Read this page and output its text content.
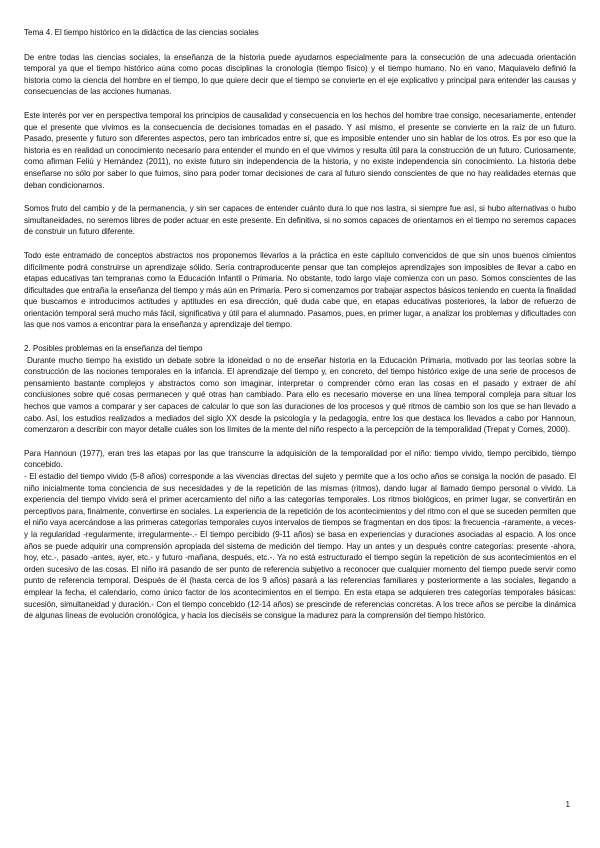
Tema 4. El tiempo histórico en la didáctica de las ciencias sociales

De entre todas las ciencias sociales, la enseñanza de la historia puede ayudarnos especialmente para la consecución de una adecuada orientación temporal ya que el tiempo histórico aúna como pocas disciplinas la cronología (tiempo físico) y el tiempo humano. No en vano, Maquiavelo definió la historia como la ciencia del hombre en el tiempo, lo que quiere decir que el tiempo se convierte en el eje explicativo y principal para entender las causas y consecuencias de las acciones humanas.

Este interés por ver en perspectiva temporal los principios de causalidad y consecuencia en los hechos del hombre trae consigo, necesariamente, entender que el presente que vivimos es la consecuencia de decisiones tomadas en el pasado. Y así mismo, el presente se convierte en la raíz de un futuro. Pasado, presente y futuro son diferentes aspectos, pero tan imbricados entre sí, que es imposible entender uno sin hablar de los otros. Es por eso que la historia es en realidad un conocimiento necesario para entender el mundo en el que vivimos y resulta útil para la construcción de un futuro. Curiosamente, como afirman Feliú y Hernández (2011), no existe futuro sin independencia de la historia, y no existe independencia sin conocimiento. La historia debe enseñarse no sólo por saber lo que fuimos, sino para poder tomar decisiones de cara al futuro siendo conscientes de que no hay realidades eternas que deban condicionarnos.

Somos fruto del cambio y de la permanencia, y sin ser capaces de entender cuánto dura lo que nos lastra, si siempre fue así, si hubo alternativas o hubo simultaneidades, no seremos libres de poder actuar en este presente. En definitiva, si no somos capaces de orientarnos en el tiempo no seremos capaces de construir un futuro diferente.

Todo este entramado de conceptos abstractos nos proponemos llevarlos a la práctica en este capítulo convencidos de que sin unos buenos cimientos difícilmente podrá construirse un aprendizaje sólido. Sería contraproducente pensar que tan complejos aprendizajes son imposibles de llevar a cabo en etapas educativas tan tempranas como la Educación Infantil o Primaria. No obstante, todo largo viaje comienza con un paso. Somos conscientes de las dificultades que entraña la enseñanza del tiempo y más aún en Primaria. Pero si comenzamos por trabajar aspectos básicos teniendo en cuenta la finalidad que buscamos e introducimos actitudes y aptitudes en esa dirección, qué duda cabe que, en etapas educativas posteriores, la labor de refuerzo de orientación temporal será mucho más fácil, significativa y útil para el alumnado. Pasamos, pues, en primer lugar, a analizar los problemas y dificultades con las que nos vamos a encontrar para la enseñanza y aprendizaje del tiempo.

2. Posibles problemas en la enseñanza del tiempo

Durante mucho tiempo ha existido un debate sobre la idoneidad o no de enseñar historia en la Educación Primaria, motivado por las teorías sobre la construcción de las nociones temporales en la infancia. El aprendizaje del tiempo y, en concreto, del tiempo histórico exige de una serie de procesos de pensamiento bastante complejos y abstractos como son imaginar, interpretar o comprender cómo eran las cosas en el pasado y extraer de ahí conclusiones sobre qué cosas permanecen y qué otras han cambiado. Para ello es necesario moverse en una línea temporal compleja para situar los hechos que vamos a comparar y ser capaces de calcular lo que son las duraciones de los procesos y qué ritmos de cambio son los que se han llevado a cabo. Así, los estudios realizados a mediados del siglo XX desde la psicología y la pedagogía, entre los que destaca los llevados a cabo por Hannoun, comenzaron a describir con mayor detalle cuáles son los límites de la mente del niño respecto a la percepción de la temporalidad (Trepat y Comes, 2000).

Para Hannoun (1977), eran tres las etapas por las que transcurre la adquisición de la temporalidad por el niño: tiempo vivido, tiempo percibido, tiempo concebido.

- El estadio del tiempo vivido (5-8 años) corresponde a las vivencias directas del sujeto y permite que a los ocho años se consiga la noción de pasado. El niño inicialmente toma conciencia de sus necesidades y de la repetición de las mismas (ritmos), dando lugar al llamado tiempo personal o vivido. La experiencia del tiempo vivido será el primer acercamiento del niño a las categorías temporales. Los ritmos biológicos, en primer lugar, se convertirán en perceptivos para, finalmente, convertirse en sociales. La experiencia de la repetición de los acontecimientos y del ritmo con el que se suceden permiten que el niño vaya acercándose a las primeras categorías temporales cuyos intervalos de tiempos se fragmentan en dos tipos: la frecuencia -raramente, a veces- y la regularidad -regularmente, irregularmente-.- El tiempo percibido (9-11 años) se basa en experiencias y duraciones asociadas al espacio. A los once años se puede adquirir una comprensión apropiada del sistema de medición del tiempo. Hay un antes y un después contre categorías: presente -ahora, hoy, etc.-, pasado -antes, ayer, etc.- y futuro -mañana, después, etc.-. Ya no está estructurado el tiempo según la repetición de sus acontecimientos en el orden sucesivo de las cosas. El niño irá pasando de ser punto de referencia subjetivo a reconocer que cualquier momento del tiempo puede servir como punto de referencia temporal. Después de él (hasta cerca de los 9 años) pasará a las referencias familiares y posteriormente a las sociales, llegando a emplear la fecha, el calendario, como único factor de los acontecimientos en el tiempo. En esta etapa se adquieren tres categorías temporales básicas: sucesión, simultaneidad y duración.- Con el tiempo concebido (12-14 años) se prescinde de referencias concretas. A los trece años se percibe la dinámica de algunas líneas de evolución cronológica, y hacia los dieciséis se consigue la madurez para la comprensión del tiempo histórico.

1
